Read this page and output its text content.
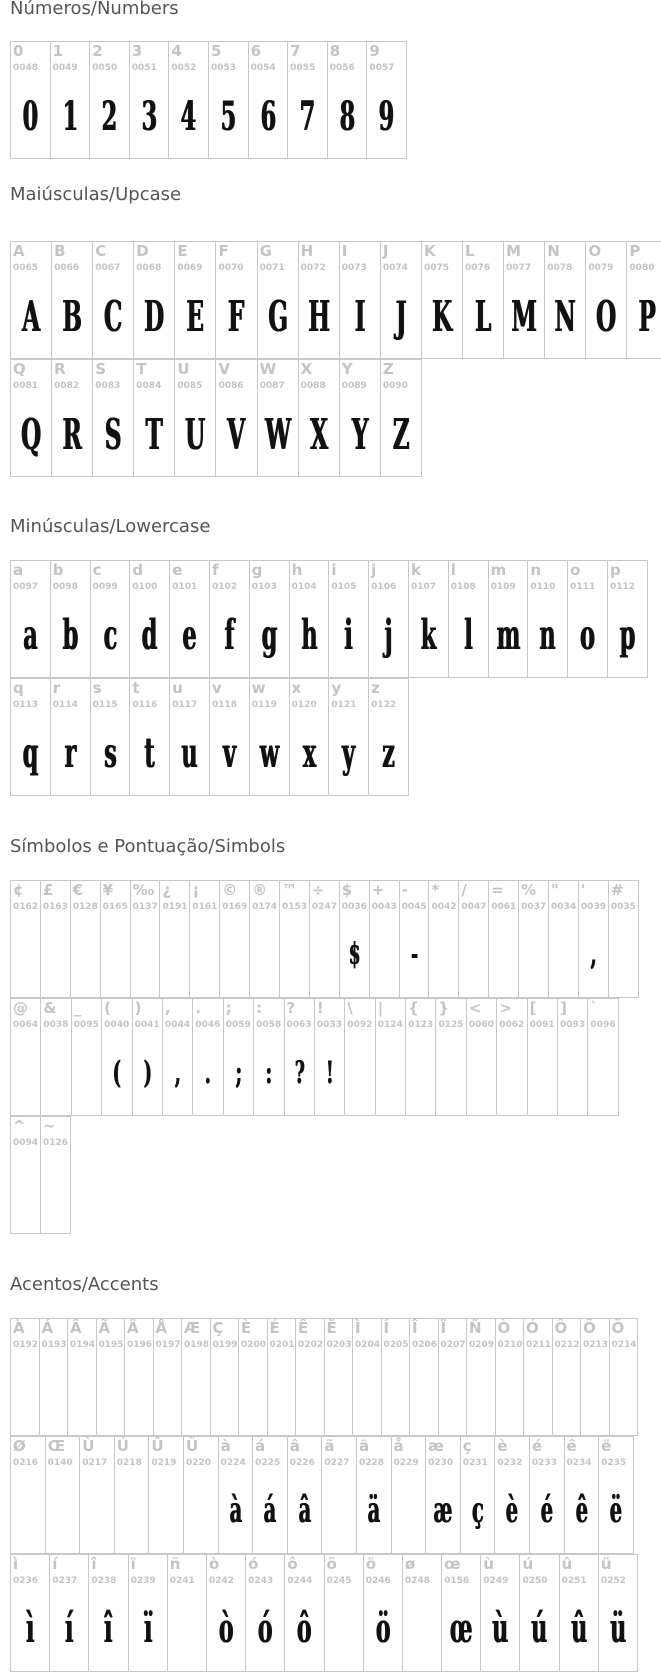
Números/Numbers
Maiúsculas/Upcase
Minúsculas/Lowercase
Símbolos e Pontuação/Simbols
Acentos/Accents
0
0048
0
1
0049
1
2
0050
2
3
0051
3
4
0052
4
5
0053
5
6
0054
6
7
0055
7
8
0056
8
9
0057
9
A
0065
A
B
0066
B
C
0067
C
D
0068
D
E
0069
E
F
0070
F
G
0071
G
H
0072
H
I
0073
I
J
0074
J
K
0075
K
L
0076
L
M
0077
M
N
0078
N
O
0079
O
P
0080
P
Q
0081
Q
R
0082
R
S
0083
S
T
0084
T
U
0085
U
V
0086
V
W
0087
W
X
0088
X
Y
0089
Y
Z
0090
Z
a
0097
a
b
0098
b
c
0099
c
d
0100
d
e
0101
e
f
0102
f
g
0103
g
h
0104
h
i
0105
i
j
0106
j
k
0107
k
l
0108
l
m
0109
m
n
0110
n
o
0111
o
p
0112
p
q
0113
q
r
0114
r
s
0115
s
t
0116
t
u
0117
u
v
0118
v
w
0119
w
x
0120
x
y
0121
y
z
0122
z
¢
0162
£
0163
€
0128
¥
0165
‰
0137
¿
0191
¡
0161
©
0169
®
0174
™
0153
÷
0247
$
0036
$
+
0043
-
0045
-
*
0042
/
0047
=
0061
%
0037
"
0034
'
0039
,
#
0035
@
0064
&
0038
_
0095
(
0040
(
)
0041
)
,
0044
,
.
0046
.
;
0059
;
:
0058
:
?
0063
?
!
0033
!
\
0092
|
0124
{
0123
}
0125
<
0060
>
0062
[
0091
]
0093
`
0096
^
0094
~
0126
À
0192
Á
0193
Â
0194
Ã
0195
Ä
0196
Å
0197
Æ
0198
Ç
0199
È
0200
É
0201
Ê
0202
Ë
0203
Ì
0204
Í
0205
Î
0206
Ï
0207
Ñ
0209
Ò
0210
Ó
0211
Ô
0212
Õ
0213
Ö
0214
Ø
0216
Œ
0140
Ù
0217
Ú
0218
Û
0219
Ü
0220
à
0224
à
á
0225
á
â
0226
â
ã
0227
ä
0228
ä
å
0229
æ
0230
æ
ç
0231
ç
è
0232
è
é
0233
é
ê
0234
ê
ë
0235
ë
ì
0236
ì
í
0237
í
î
0238
î
ï
0239
ï
ñ
0241
ò
0242
ò
ó
0243
ó
ô
0244
ô
õ
0245
ö
0246
ö
ø
0248
œ
0156
œ
ù
0249
ù
ú
0250
ú
û
0251
û
ü
0252
ü
